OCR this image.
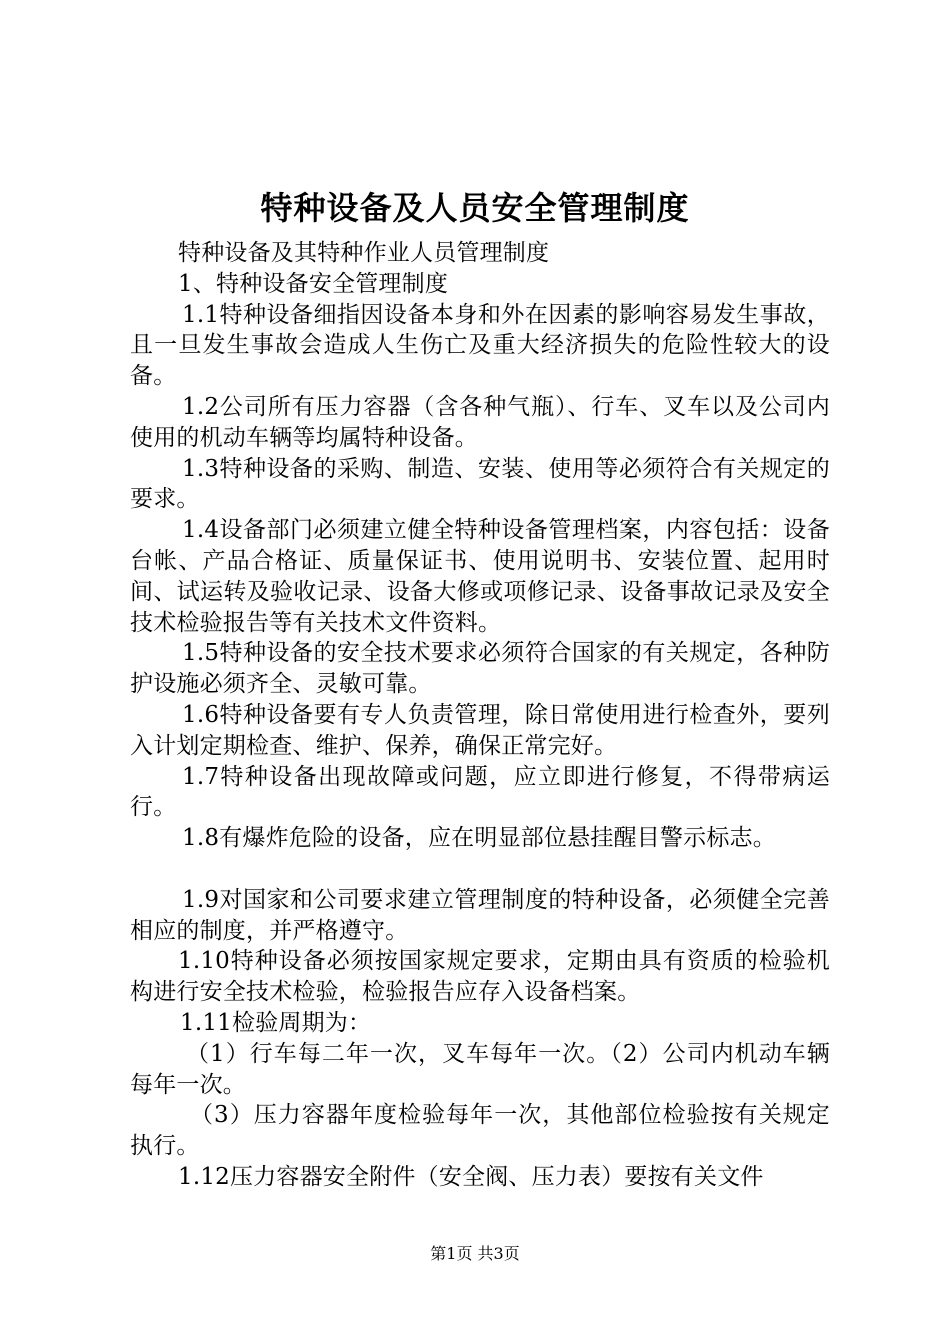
特种设备及人员安全管理制度

特种设备及其特种作业人员管理制度

1、特种设备安全管理制度

1.1特种设备细指因设备本身和外在因素的影响容易发生事故，且一旦发生事故会造成人生伤亡及重大经济损失的危险性较大的设备。

1.2公司所有压力容器（含各种气瓶）、行车、叉车以及公司内使用的机动车辆等均属特种设备。

1.3特种设备的采购、制造、安装、使用等必须符合有关规定的要求。

1.4设备部门必须建立健全特种设备管理档案，内容包括：设备台帐、产品合格证、质量保证书、使用说明书、安装位置、起用时间、试运转及验收记录、设备大修或项修记录、设备事故记录及安全技术检验报告等有关技术文件资料。

1.5特种设备的安全技术要求必须符合国家的有关规定，各种防护设施必须齐全、灵敏可靠。

1.6特种设备要有专人负责管理，除日常使用进行检查外，要列入计划定期检查、维护、保养，确保正常完好。

1.7特种设备出现故障或问题，应立即进行修复，不得带病运行。

1.8有爆炸危险的设备，应在明显部位悬挂醒目警示标志。

1.9对国家和公司要求建立管理制度的特种设备，必须健全完善相应的制度，并严格遵守。

1.10特种设备必须按国家规定要求，定期由具有资质的检验机构进行安全技术检验，检验报告应存入设备档案。

1.11检验周期为：

（1）行车每二年一次，叉车每年一次。（2）公司内机动车辆每年一次。

（3）压力容器年度检验每年一次，其他部位检验按有关规定执行。

1.12压力容器安全附件（安全阀、压力表）要按有关文件

第1页 共3页
